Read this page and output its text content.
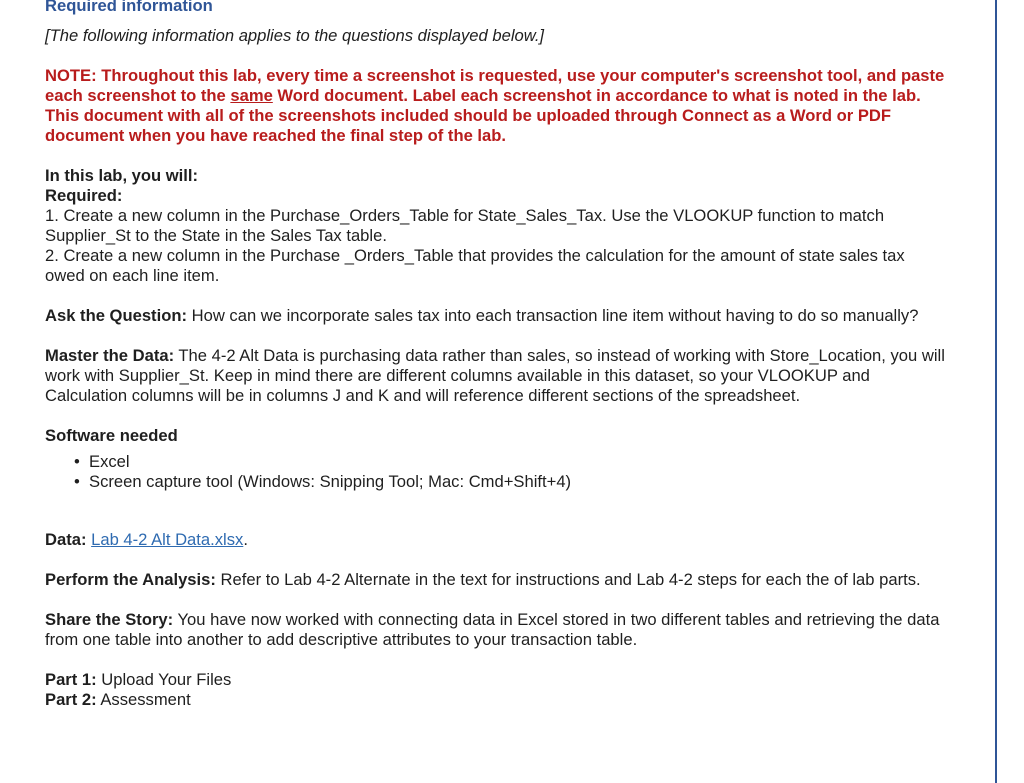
Required information

[The following information applies to the questions displayed below.]

NOTE: Throughout this lab, every time a screenshot is requested, use your computer's screenshot tool, and paste each screenshot to the same Word document. Label each screenshot in accordance to what is noted in the lab. This document with all of the screenshots included should be uploaded through Connect as a Word or PDF document when you have reached the final step of the lab.

In this lab, you will:

Required:

1. Create a new column in the Purchase_Orders_Table for State_Sales_Tax. Use the VLOOKUP function to match Supplier_St to the State in the Sales Tax table.

2. Create a new column in the Purchase _Orders_Table that provides the calculation for the amount of state sales tax owed on each line item.

Ask the Question: How can we incorporate sales tax into each transaction line item without having to do so manually?

Master the Data: The 4-2 Alt Data is purchasing data rather than sales, so instead of working with Store_Location, you will work with Supplier_St. Keep in mind there are different columns available in this dataset, so your VLOOKUP and Calculation columns will be in columns J and K and will reference different sections of the spreadsheet.

Software needed

• Excel
• Screen capture tool (Windows: Snipping Tool; Mac: Cmd+Shift+4)

Data: Lab 4-2 Alt Data.xlsx.

Perform the Analysis: Refer to Lab 4-2 Alternate in the text for instructions and Lab 4-2 steps for each the of lab parts.

Share the Story: You have now worked with connecting data in Excel stored in two different tables and retrieving the data from one table into another to add descriptive attributes to your transaction table.

Part 1: Upload Your Files

Part 2: Assessment
